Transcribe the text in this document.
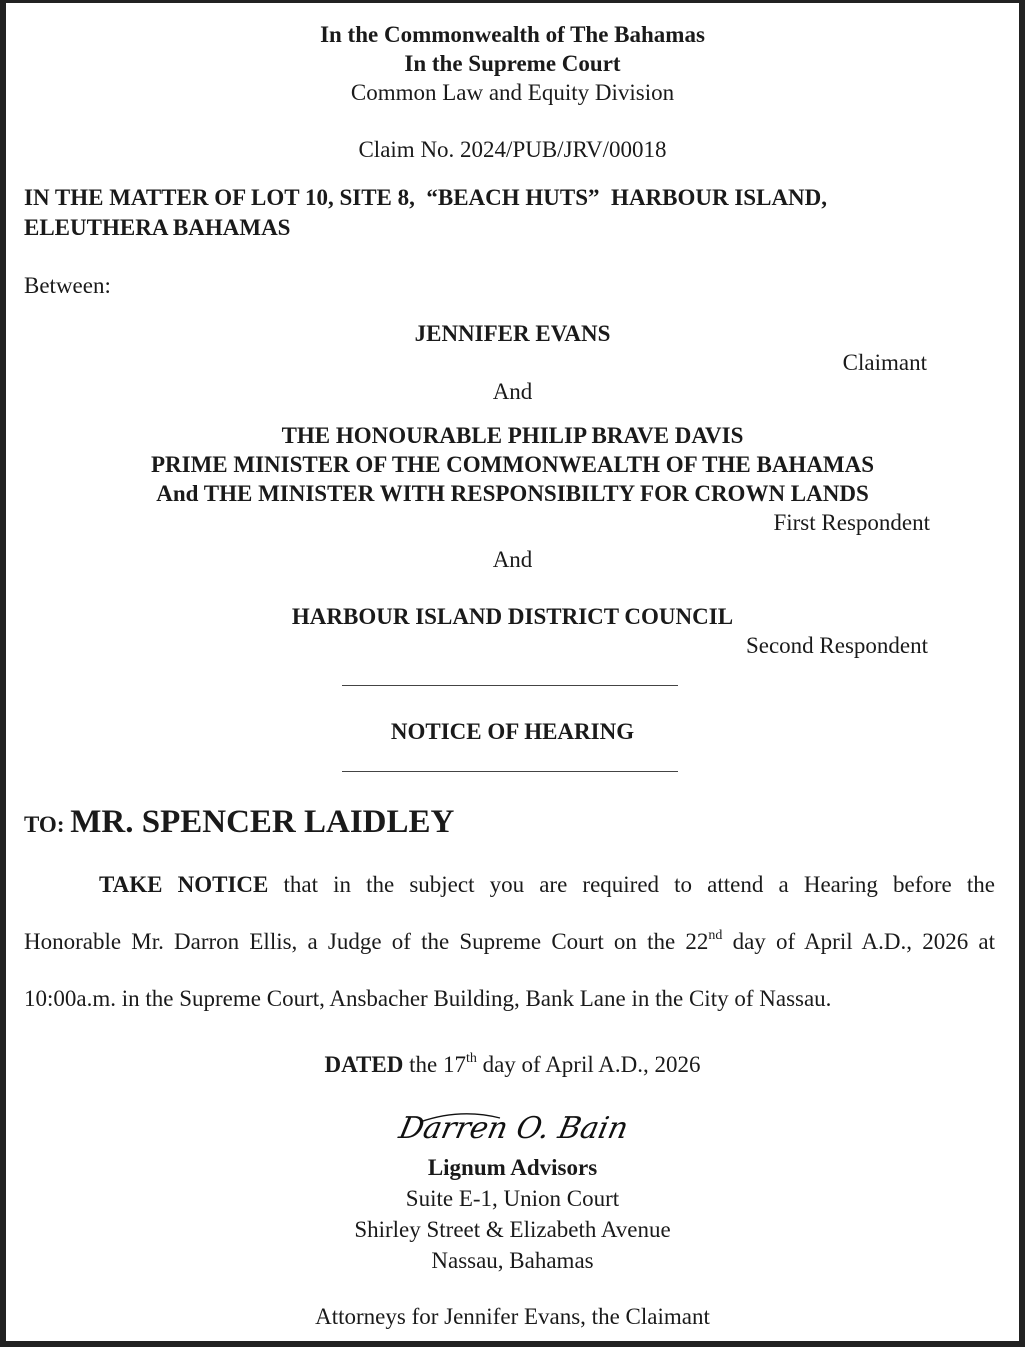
In the Commonwealth of The Bahamas
In the Supreme Court
Common Law and Equity Division
Claim No. 2024/PUB/JRV/00018
IN THE MATTER OF LOT 10, SITE 8,  “BEACH HUTS”  HARBOUR ISLAND,
ELEUTHERA BAHAMAS
Between:
JENNIFER EVANS
Claimant
And
THE HONOURABLE PHILIP BRAVE DAVIS
PRIME MINISTER OF THE COMMONWEALTH OF THE BAHAMAS
And THE MINISTER WITH RESPONSIBILTY FOR CROWN LANDS
First Respondent
And
HARBOUR ISLAND DISTRICT COUNCIL
Second Respondent
NOTICE OF HEARING
TO: MR. SPENCER LAIDLEY
TAKE NOTICE that in the subject you are required to attend a Hearing before the
Honorable Mr. Darron Ellis, a Judge of the Supreme Court on the 22nd day of April A.D., 2026 at
10:00a.m. in the Supreme Court, Ansbacher Building, Bank Lane in the City of Nassau.
DATED the 17th day of April A.D., 2026
Darren O. Bain
Lignum Advisors
Suite E-1, Union Court
Shirley Street & Elizabeth Avenue
Nassau, Bahamas
Attorneys for Jennifer Evans, the Claimant
